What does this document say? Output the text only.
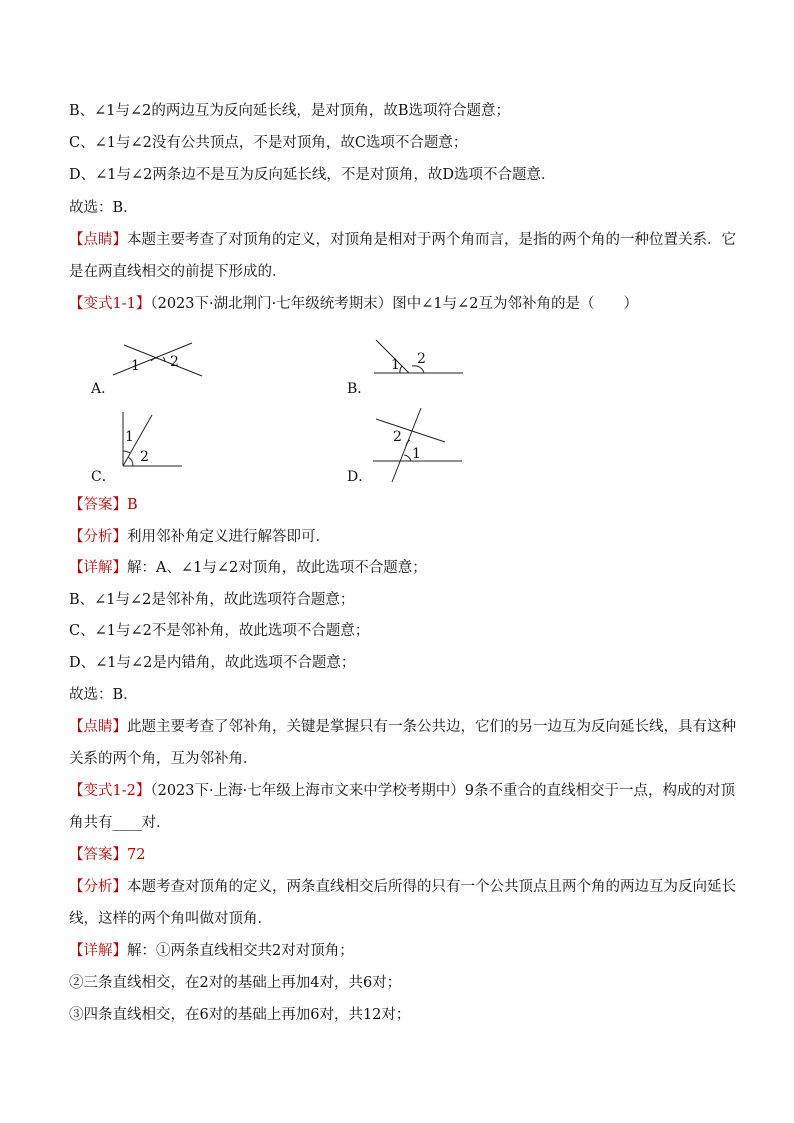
B、∠1与∠2的两边互为反向延长线，是对顶角，故B选项符合题意；
C、∠1与∠2没有公共顶点，不是对顶角，故C选项不合题意；
D、∠1与∠2两条边不是互为反向延长线，不是对顶角，故D选项不合题意．
故选：B．
【点睛】本题主要考查了对顶角的定义，对顶角是相对于两个角而言，是指的两个角的一种位置关系．它
是在两直线相交的前提下形成的．
【变式1-1】（2023下·湖北荆门·七年级统考期末）图中∠1与∠2互为邻补角的是（　　）
A．
1 2
B．
1 2
C．
1
2
D．
2
1
【答案】B
【分析】利用邻补角定义进行解答即可．
【详解】解：A、∠1与∠2对顶角，故此选项不合题意；
B、∠1与∠2是邻补角，故此选项符合题意；
C、∠1与∠2不是邻补角，故此选项不合题意；
D、∠1与∠2是内错角，故此选项不合题意；
故选：B．
【点睛】此题主要考查了邻补角，关键是掌握只有一条公共边，它们的另一边互为反向延长线，具有这种
关系的两个角，互为邻补角．
【变式1-2】（2023下·上海·七年级上海市文来中学校考期中）9条不重合的直线相交于一点，构成的对顶
角共有____对．
【答案】72
【分析】本题考查对顶角的定义，两条直线相交后所得的只有一个公共顶点且两个角的两边互为反向延长
线，这样的两个角叫做对顶角．
【详解】解：①两条直线相交共2对对顶角；
②三条直线相交，在2对的基础上再加4对，共6对；
③四条直线相交，在6对的基础上再加6对，共12对；
